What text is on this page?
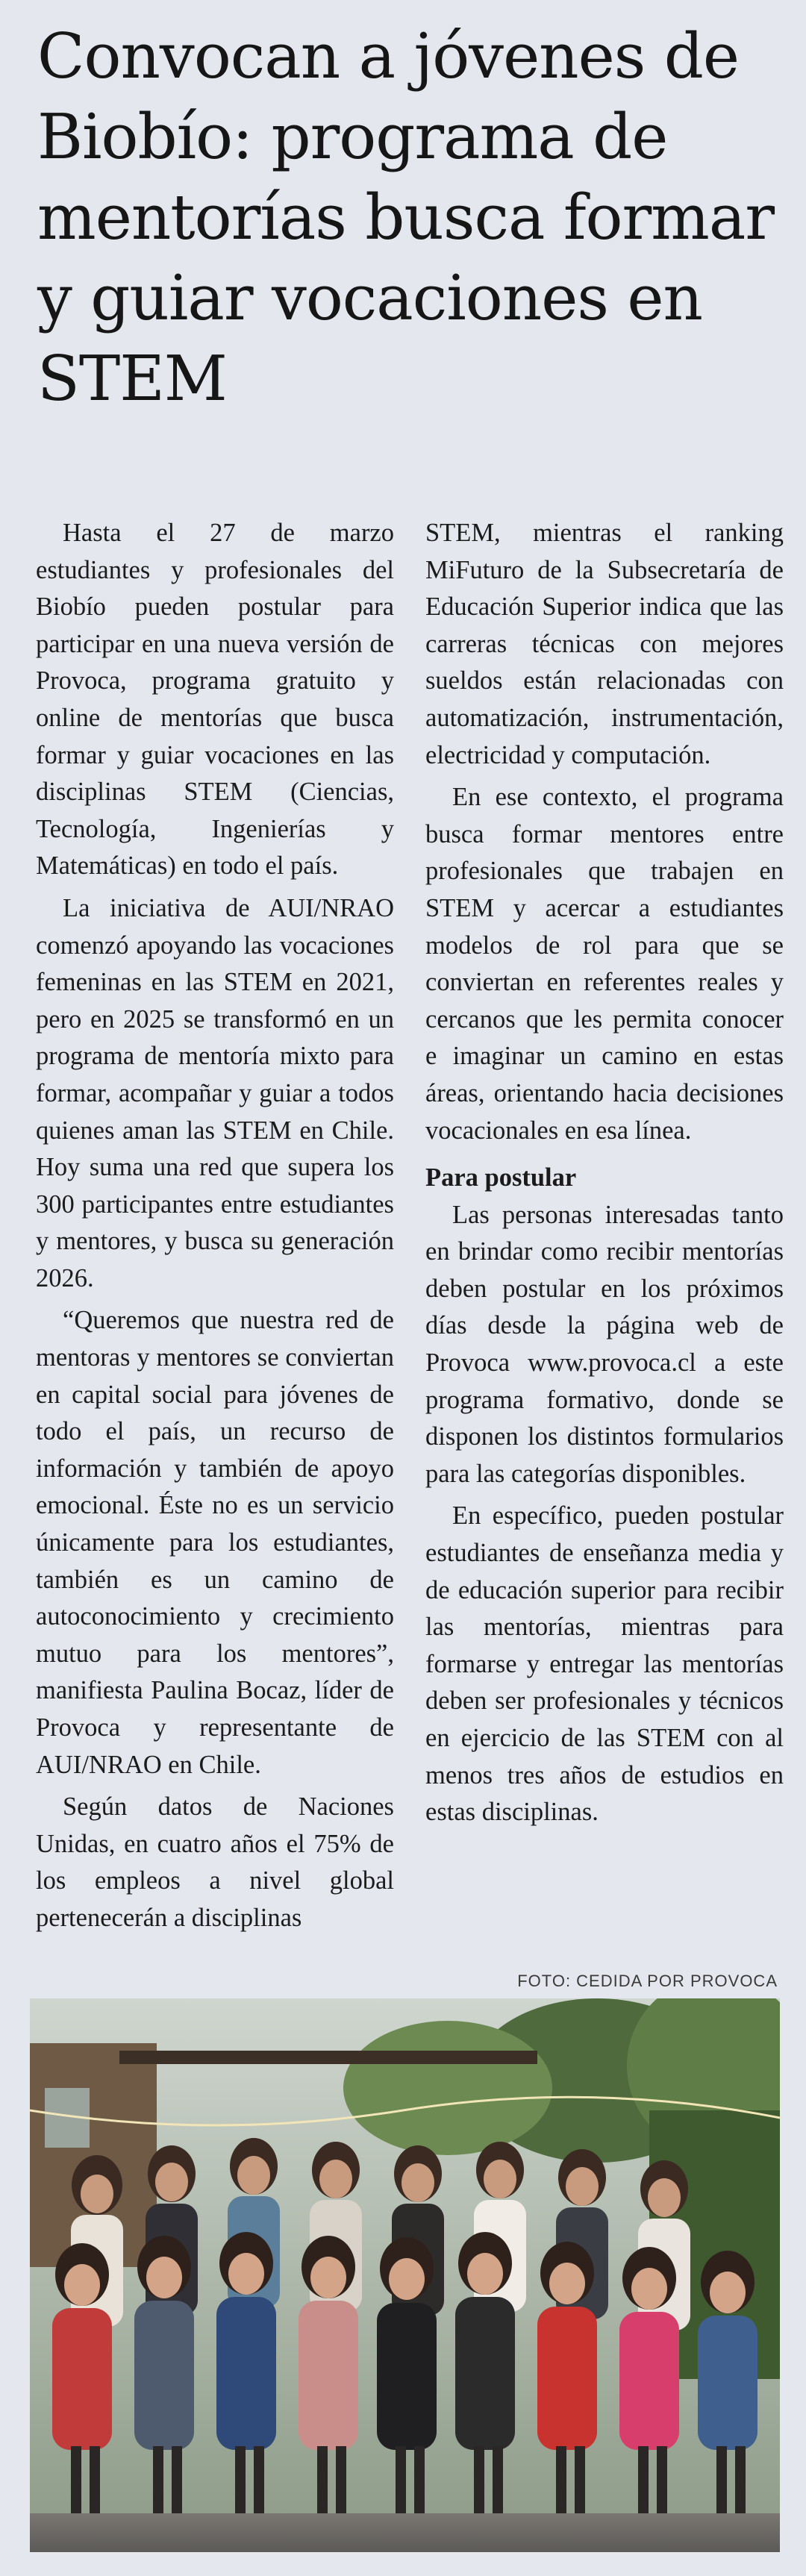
Convocan a jóvenes de Biobío: programa de mentorías busca formar y guiar vocaciones en STEM

Hasta el 27 de marzo estudiantes y profesionales del Biobío pueden postular para participar en una nueva versión de Provoca, programa gratuito y online de mentorías que busca formar y guiar vocaciones en las disciplinas STEM (Ciencias, Tecnología, Ingenierías y Matemáticas) en todo el país.

La iniciativa de AUI/NRAO comenzó apoyando las vocaciones femeninas en las STEM en 2021, pero en 2025 se transformó en un programa de mentoría mixto para formar, acompañar y guiar a todos quienes aman las STEM en Chile. Hoy suma una red que supera los 300 participantes entre estudiantes y mentores, y busca su generación 2026.

“Queremos que nuestra red de mentoras y mentores se conviertan en capital social para jóvenes de todo el país, un recurso de información y también de apoyo emocional. Éste no es un servicio únicamente para los estudiantes, también es un camino de autoconocimiento y crecimiento mutuo para los mentores”, manifiesta Paulina Bocaz, líder de Provoca y representante de AUI/NRAO en Chile.

Según datos de Naciones Unidas, en cuatro años el 75% de los empleos a nivel global pertenecerán a disciplinas

STEM, mientras el ranking MiFuturo de la Subsecretaría de Educación Superior indica que las carreras técnicas con mejores sueldos están relacionadas con automatización, instrumentación, electricidad y computación.

En ese contexto, el programa busca formar mentores entre profesionales que trabajen en STEM y acercar a estudiantes modelos de rol para que se conviertan en referentes reales y cercanos que les permita conocer e imaginar un camino en estas áreas, orientando hacia decisiones vocacionales en esa línea.

Para postular

Las personas interesadas tanto en brindar como recibir mentorías deben postular en los próximos días desde la página web de Provoca www.provoca.cl a este programa formativo, donde se disponen los distintos formularios para las categorías disponibles.

En específico, pueden postular estudiantes de enseñanza media y de educación superior para recibir las mentorías, mientras para formarse y entregar las mentorías deben ser profesionales y técnicos en ejercicio de las STEM con al menos tres años de estudios en estas disciplinas.

FOTO: CEDIDA POR PROVOCA
